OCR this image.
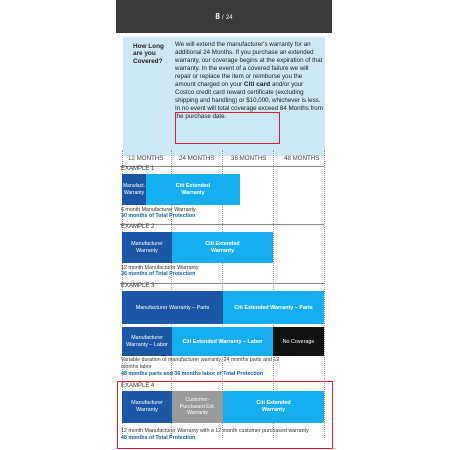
8 / 24
How Long are you Covered?
We will extend the manufacturer's warranty for an additional 24 Months. If you purchase an extended warranty, our coverage begins at the expiration of that warranty. In the event of a covered failure we will repair or replace the item or reimburse you the amount charged on your Citi card and/or your Costco credit card reward certificate (excluding shipping and handling) or $10,000, whichever is less. In no event will total coverage exceed 84 Months from the purchase date.
12 MONTHS	24 MONTHS	36 MONTHS	48 MONTHS
EXAMPLE 1
Manufact. Warranty
Citi Extended Warranty
6 month Manufacturer Warranty
30 months of Total Protection
EXAMPLE 2
Manufacturer Warranty
Citi Extended Warranty
12 month Manufacturer Warranty
36 months of Total Protection
EXAMPLE 3
Manufacturer Warranty – Parts	Citi Extended Warranty – Parts
Manufacturer Warranty – Labor	Citi Extended Warranty – Labor	No Coverage
Variable duration of manufacturer warranty, 24 months parts and 12 months labor
48 months parts and 36 months labor of Total Protection
EXAMPLE 4
Manufacturer Warranty
Customer-Purchased Ext. Warranty
Citi Extended Warranty
12 month Manufacturer Warranty with a 12 month customer purchased warranty
48 months of Total Protection
